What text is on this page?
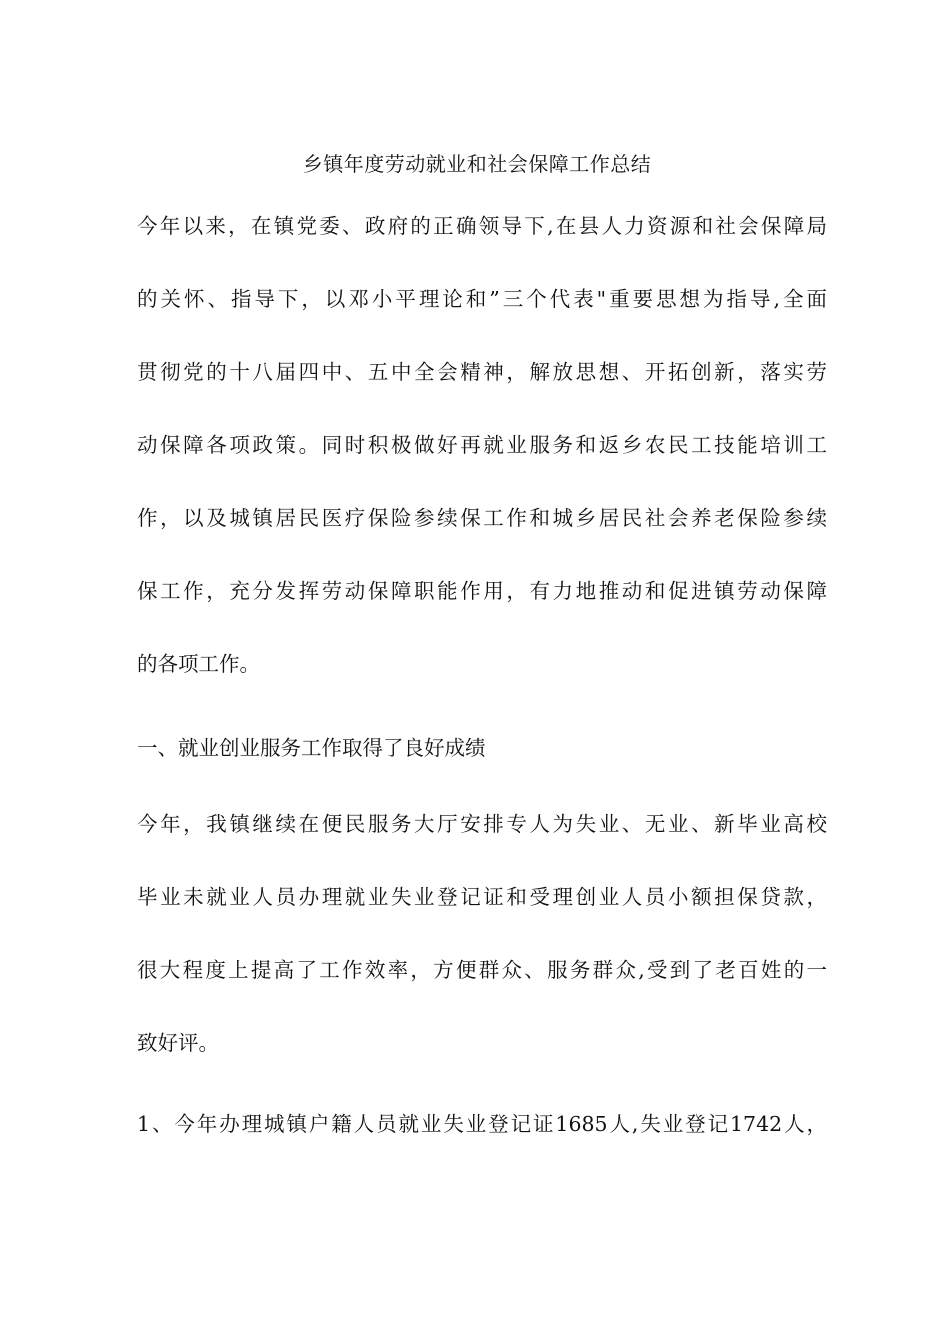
乡镇年度劳动就业和社会保障工作总结
今年以来，在镇党委、政府的正确领导下,在县人力资源和社会保障局
的关怀、指导下，以邓小平理论和”三个代表"重要思想为指导,全面
贯彻党的十八届四中、五中全会精神，解放思想、开拓创新，落实劳
动保障各项政策。同时积极做好再就业服务和返乡农民工技能培训工
作，以及城镇居民医疗保险参续保工作和城乡居民社会养老保险参续
保工作，充分发挥劳动保障职能作用，有力地推动和促进镇劳动保障
的各项工作。
一、就业创业服务工作取得了良好成绩
今年，我镇继续在便民服务大厅安排专人为失业、无业、新毕业高校
毕业未就业人员办理就业失业登记证和受理创业人员小额担保贷款，
很大程度上提高了工作效率，方便群众、服务群众,受到了老百姓的一
致好评。
1、今年办理城镇户籍人员就业失业登记证1685人,失业登记1742人，
